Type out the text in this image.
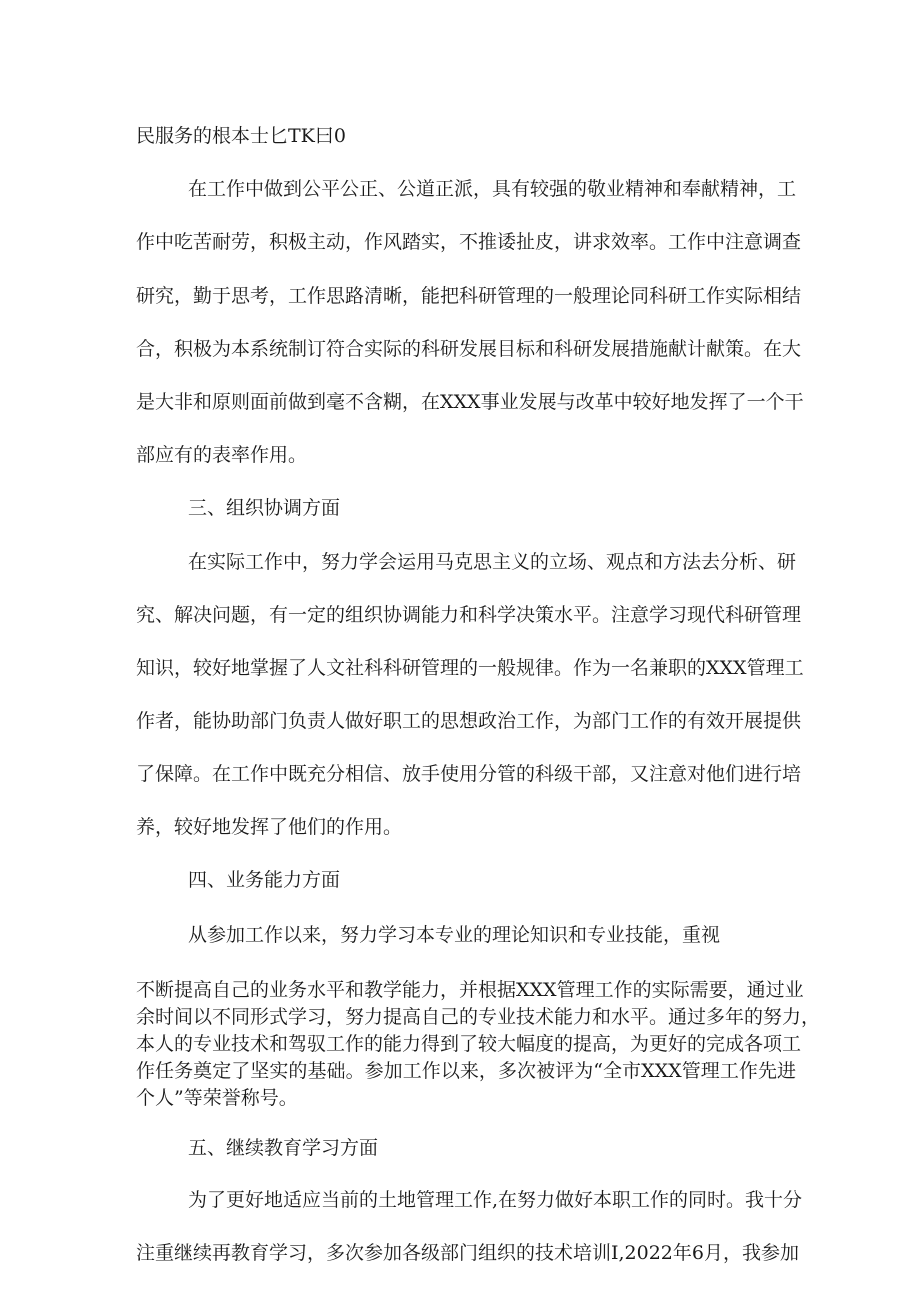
民服务的根本士匕TK曰0
在工作中做到公平公正、公道正派，具有较强的敬业精神和奉献精神，工
作中吃苦耐劳，积极主动，作风踏实，不推诿扯皮，讲求效率。工作中注意调查
研究，勤于思考，工作思路清晰，能把科研管理的一般理论同科研工作实际相结
合，积极为本系统制订符合实际的科研发展目标和科研发展措施献计献策。在大
是大非和原则面前做到毫不含糊，在XXX事业发展与改革中较好地发挥了一个干
部应有的表率作用。
三、组织协调方面
在实际工作中，努力学会运用马克思主义的立场、观点和方法去分析、研
究、解决问题，有一定的组织协调能力和科学决策水平。注意学习现代科研管理
知识，较好地掌握了人文社科科研管理的一般规律。作为一名兼职的XXX管理工
作者，能协助部门负责人做好职工的思想政治工作，为部门工作的有效开展提供
了保障。在工作中既充分相信、放手使用分管的科级干部，又注意对他们进行培
养，较好地发挥了他们的作用。
四、业务能力方面
从参加工作以来，努力学习本专业的理论知识和专业技能，重视
不断提高自己的业务水平和教学能力，并根据XXX管理工作的实际需要，通过业
余时间以不同形式学习，努力提高自己的专业技术能力和水平。通过多年的努力，
本人的专业技术和驾驭工作的能力得到了较大幅度的提高，为更好的完成各项工
作任务奠定了坚实的基础。参加工作以来，多次被评为“全市XXX管理工作先进
个人”等荣誉称号。
五、继续教育学习方面
为了更好地适应当前的土地管理工作,在努力做好本职工作的同时。我十分
注重继续再教育学习，多次参加各级部门组织的技术培训I,2022年6月，我参加
